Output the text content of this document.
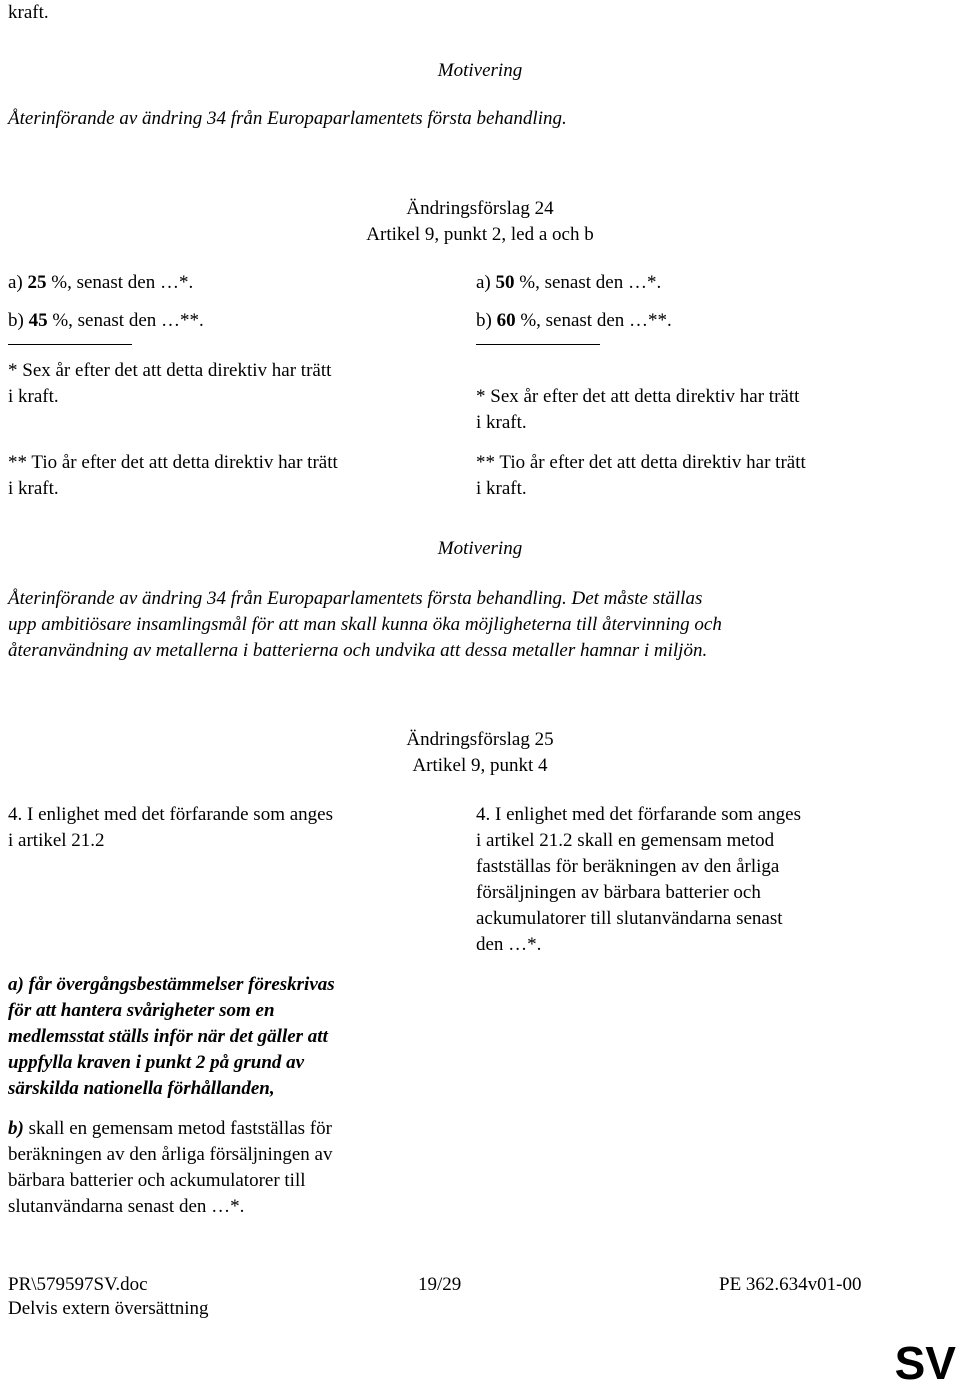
kraft.
Motivering
Återinförande av ändring 34 från Europaparlamentets första behandling.
Ändringsförslag 24
Artikel 9, punkt 2, led a och b
a) 25 %, senast den …*.
b) 45 %, senast den …**.
* Sex år efter det att detta direktiv har trätt
i kraft.
** Tio år efter det att detta direktiv har trätt
i kraft.
a) 50 %, senast den …*.
b) 60 %, senast den …**.
* Sex år efter det att detta direktiv har trätt
i kraft.
** Tio år efter det att detta direktiv har trätt
i kraft.
Motivering
Återinförande av ändring 34 från Europaparlamentets första behandling. Det måste ställas
upp ambitiösare insamlingsmål för att man skall kunna öka möjligheterna till återvinning och
återanvändning av metallerna i batterierna och undvika att dessa metaller hamnar i miljön.
Ändringsförslag 25
Artikel 9, punkt 4
4. I enlighet med det förfarande som anges
i artikel 21.2
a) får övergångsbestämmelser föreskrivas
för att hantera svårigheter som en
medlemsstat ställs inför när det gäller att
uppfylla kraven i punkt 2 på grund av
särskilda nationella förhållanden,
b) skall en gemensam metod fastställas för
beräkningen av den årliga försäljningen av
bärbara batterier och ackumulatorer till
slutanvändarna senast den …*.
4. I enlighet med det förfarande som anges
i artikel 21.2 skall en gemensam metod
fastställas för beräkningen av den årliga
försäljningen av bärbara batterier och
ackumulatorer till slutanvändarna senast
den …*.
PR\579597SV.doc	19/29	PE 362.634v01-00
Delvis extern översättning
SV
